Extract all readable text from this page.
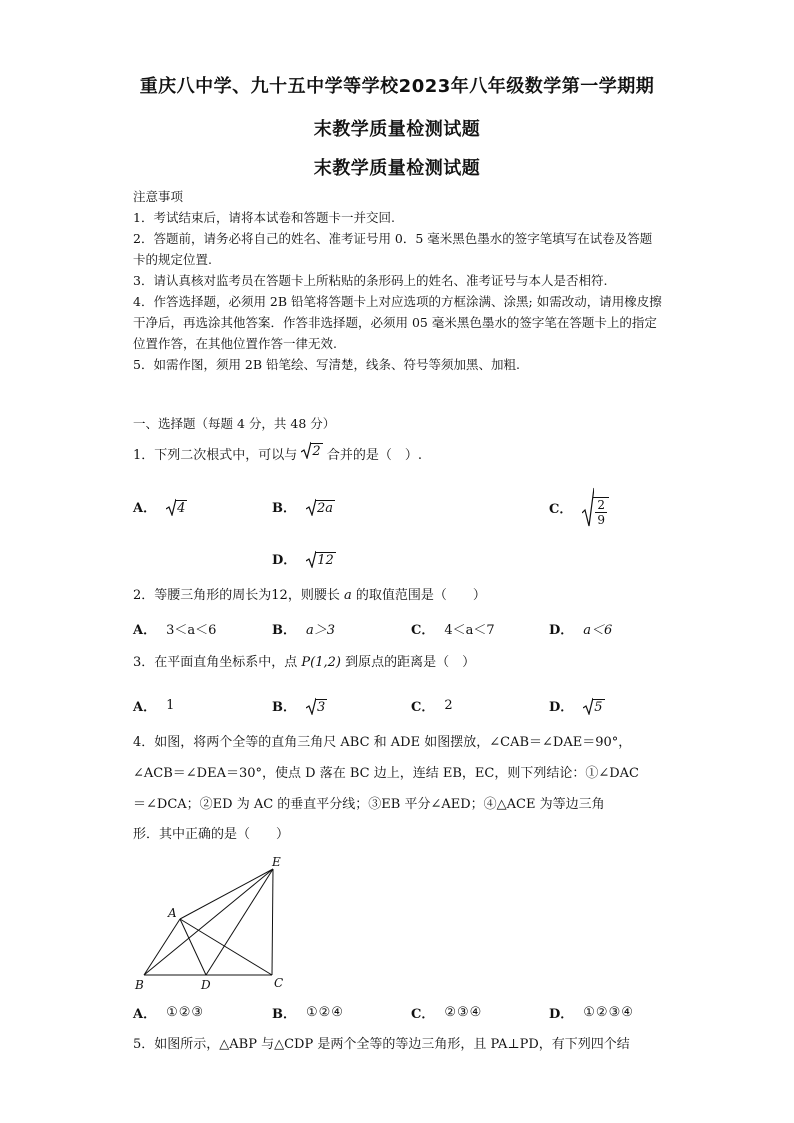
重庆八中学、九十五中学等学校2023年八年级数学第一学期期
末教学质量检测试题
末教学质量检测试题

注意事项

1．考试结束后，请将本试卷和答题卡一并交回.

2．答题前，请务必将自己的姓名、准考证号用 0．5 毫米黑色墨水的签字笔填写在试卷及答题卡的规定位置.

3．请认真核对监考员在答题卡上所粘贴的条形码上的姓名、准考证号与本人是否相符.

4．作答选择题，必须用 2B 铅笔将答题卡上对应选项的方框涂满、涂黑; 如需改动，请用橡皮擦干净后，再选涂其他答案．作答非选择题，必须用 05 毫米黑色墨水的签字笔在答题卡上的指定位置作答，在其他位置作答一律无效.

5．如需作图，须用 2B 铅笔绘、写清楚，线条、符号等须加黑、加粗.

一、选择题（每题 4 分，共 48 分）

1．下列二次根式中，可以与 2 合并的是（　）.

A． 4	B． 2a	C． $\frac{2}{9}$
D． 12

2．等腰三角形的周长为12，则腰长 a 的取值范围是（　　）

A． 3＜a＜6	B． a＞3	C． 4＜a＜7	D． a＜6

3．在平面直角坐标系中，点 P(1,2) 到原点的距离是（　）

A． 1	B． 3	C． 2	D． 5

4．如图，将两个全等的直角三角尺 ABC 和 ADE 如图摆放，∠CAB＝∠DAE＝90°，

∠ACB＝∠DEA＝30°，使点 D 落在 BC 边上，连结 EB，EC，则下列结论：①∠DAC

＝∠DCA；②ED 为 AC 的垂直平分线；③EB 平分∠AED；④△ACE 为等边三角

形．其中正确的是（　　）

E
A
B	D	C
A． ①②③	B． ①②④	C． ②③④	D． ①②③④

5．如图所示，△ABP 与△CDP 是两个全等的等边三角形，且 PA⊥PD，有下列四个结
